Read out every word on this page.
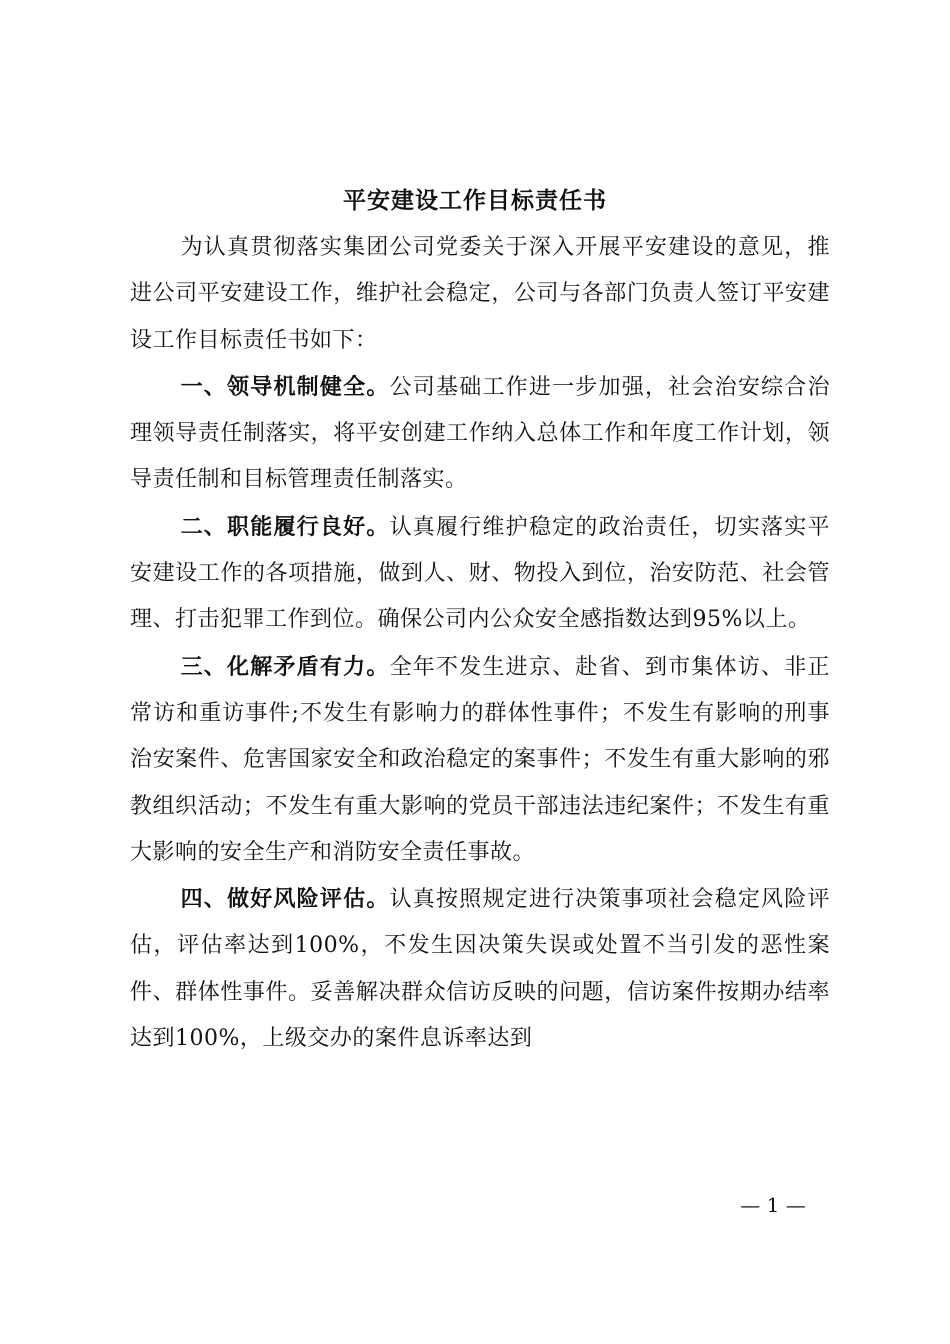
平安建设工作目标责任书

为认真贯彻落实集团公司党委关于深入开展平安建设的意见，推进公司平安建设工作，维护社会稳定，公司与各部门负责人签订平安建设工作目标责任书如下：

一、领导机制健全。公司基础工作进一步加强，社会治安综合治理领导责任制落实，将平安创建工作纳入总体工作和年度工作计划，领导责任制和目标管理责任制落实。

二、职能履行良好。认真履行维护稳定的政治责任，切实落实平安建设工作的各项措施，做到人、财、物投入到位，治安防范、社会管理、打击犯罪工作到位。确保公司内公众安全感指数达到95%以上。

三、化解矛盾有力。全年不发生进京、赴省、到市集体访、非正常访和重访事件;不发生有影响力的群体性事件；不发生有影响的刑事治安案件、危害国家安全和政治稳定的案事件；不发生有重大影响的邪教组织活动；不发生有重大影响的党员干部违法违纪案件；不发生有重大影响的安全生产和消防安全责任事故。

四、做好风险评估。认真按照规定进行决策事项社会稳定风险评估，评估率达到100%，不发生因决策失误或处置不当引发的恶性案件、群体性事件。妥善解决群众信访反映的问题，信访案件按期办结率达到100%，上级交办的案件息诉率达到

— 1 —
